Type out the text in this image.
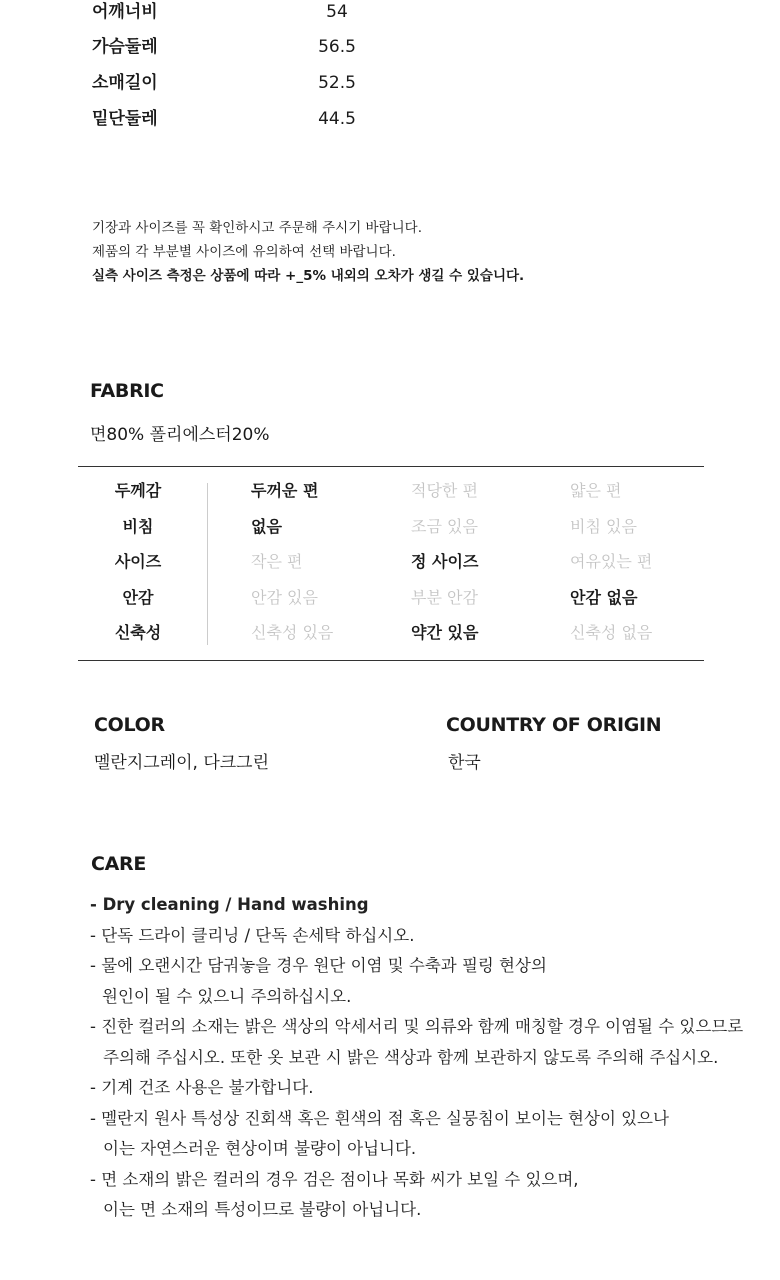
어깨너비	54
가슴둘레	56.5
소매길이	52.5
밑단둘레	44.5

기장과 사이즈를 꼭 확인하시고 주문해 주시기 바랍니다.

제품의 각 부분별 사이즈에 유의하여 선택 바랍니다.

실측 사이즈 측정은 상품에 따라 +_5% 내외의 오차가 생길 수 있습니다.

FABRIC
면80% 폴리에스터20%
두께감	두꺼운 편	적당한 편	얇은 편
비침	없음	조금 있음	비침 있음
사이즈	작은 편	정 사이즈	여유있는 편
안감	안감 있음	부분 안감	안감 없음
신축성	신축성 있음	약간 있음	신축성 없음
COLOR
멜란지그레이, 다크그린
COUNTRY OF ORIGIN
한국
CARE
- Dry cleaning / Hand washing
- 단독 드라이 클리닝 / 단독 손세탁 하십시오.
- 물에 오랜시간 담궈놓을 경우 원단 이염 및 수축과 필링 현상의
원인이 될 수 있으니 주의하십시오.
- 진한 컬러의 소재는 밝은 색상의 악세서리 및 의류와 함께 매칭할 경우 이염될 수 있으므로
주의해 주십시오. 또한 옷 보관 시 밝은 색상과 함께 보관하지 않도록 주의해 주십시오.
- 기계 건조 사용은 불가합니다.
- 멜란지 원사 특성상 진회색 혹은 흰색의 점 혹은 실뭉침이 보이는 현상이 있으나
이는 자연스러운 현상이며 불량이 아닙니다.
- 면 소재의 밝은 컬러의 경우 검은 점이나 목화 씨가 보일 수 있으며,
이는 면 소재의 특성이므로 불량이 아닙니다.
